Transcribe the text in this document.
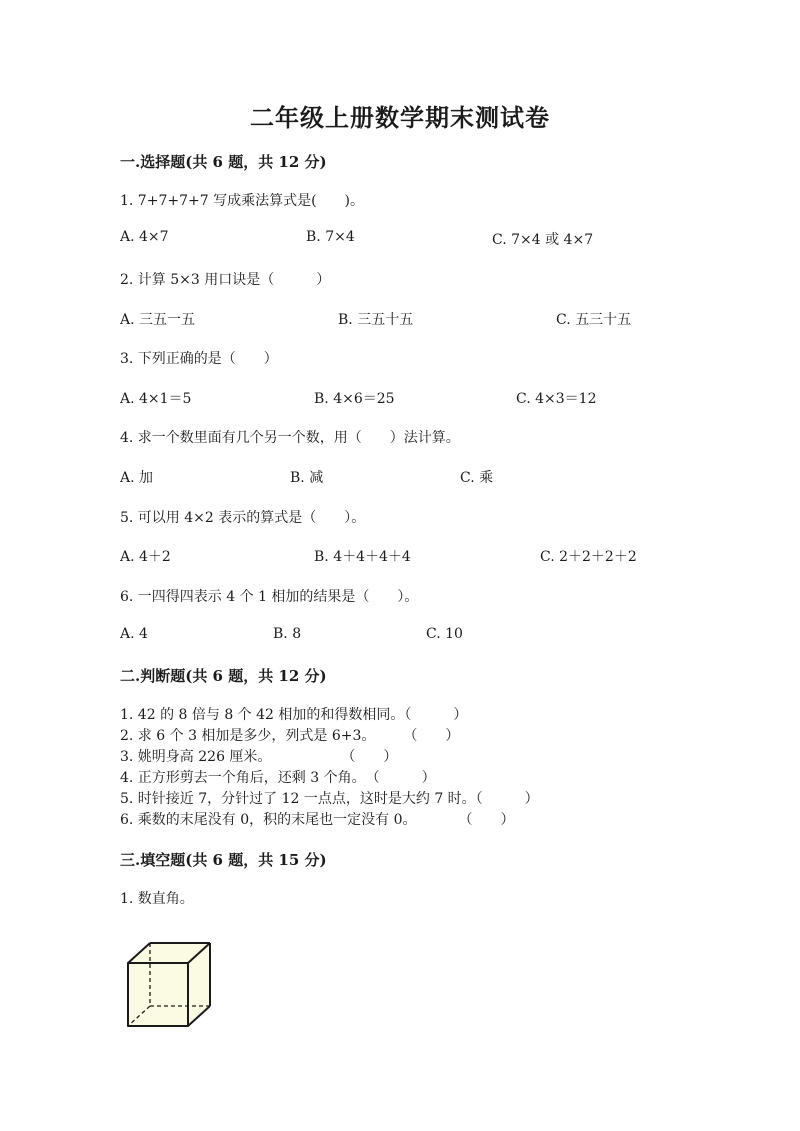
二年级上册数学期末测试卷
一.选择题(共 6 题，共 12 分)
1. 7+7+7+7 写成乘法算式是(　　)。
A. 4×7	B. 7×4	C. 7×4 或 4×7
2. 计算 5×3 用口诀是（　　　）
A. 三五一五	B. 三五十五	C. 五三十五
3. 下列正确的是（　　）
A. 4×1＝5	B. 4×6＝25	C. 4×3＝12
4. 求一个数里面有几个另一个数，用（　　）法计算。
A. 加	B. 减	C. 乘
5. 可以用 4×2 表示的算式是（　　）。
A. 4＋2	B. 4＋4＋4＋4	C. 2＋2＋2＋2
6. 一四得四表示 4 个 1 相加的结果是（　　）。
A. 4	B. 8	C. 10
二.判断题(共 6 题，共 12 分)
1. 42 的 8 倍与 8 个 42 相加的和得数相同。（　　　）
2. 求 6 个 3 相加是多少，列式是 6+3。　　　（　　）
3. 姚明身高 226 厘米。　　　　　　（　　）
4. 正方形剪去一个角后，还剩 3 个角。　（　　　）
5. 时针接近 7，分针过了 12 一点点，这时是大约 7 时。（　　　）
6. 乘数的末尾没有 0，积的末尾也一定没有 0。　　　　（　　）
三.填空题(共 6 题，共 15 分)
1. 数直角。
